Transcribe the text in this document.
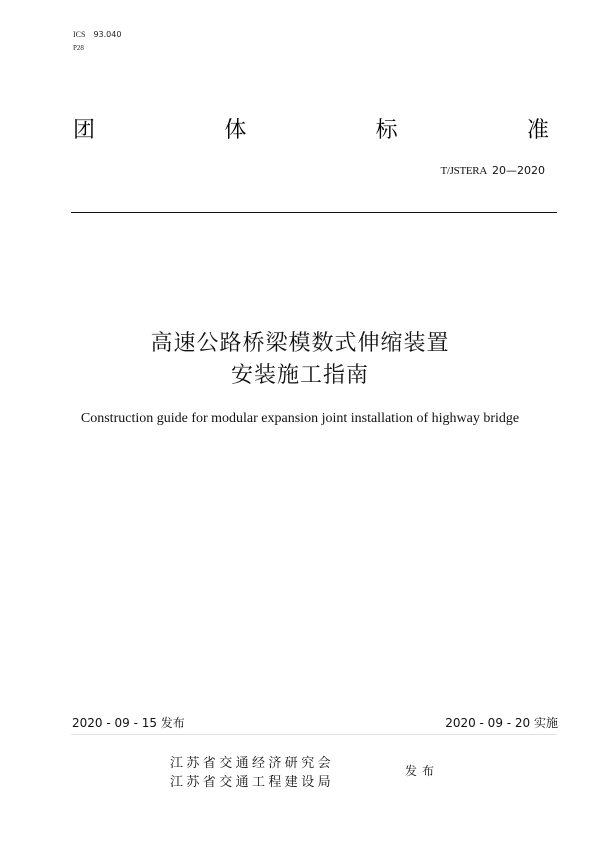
ICS 93.040
P28
团	体	标	准
T/JSTERA 20—2020
高速公路桥梁模数式伸缩装置
安装施工指南
Construction guide for modular expansion joint installation of highway bridge
2020 - 09 - 15 发布	2020 - 09 - 20 实施
江苏省交通经济研究会
江苏省交通工程建设局
发布
